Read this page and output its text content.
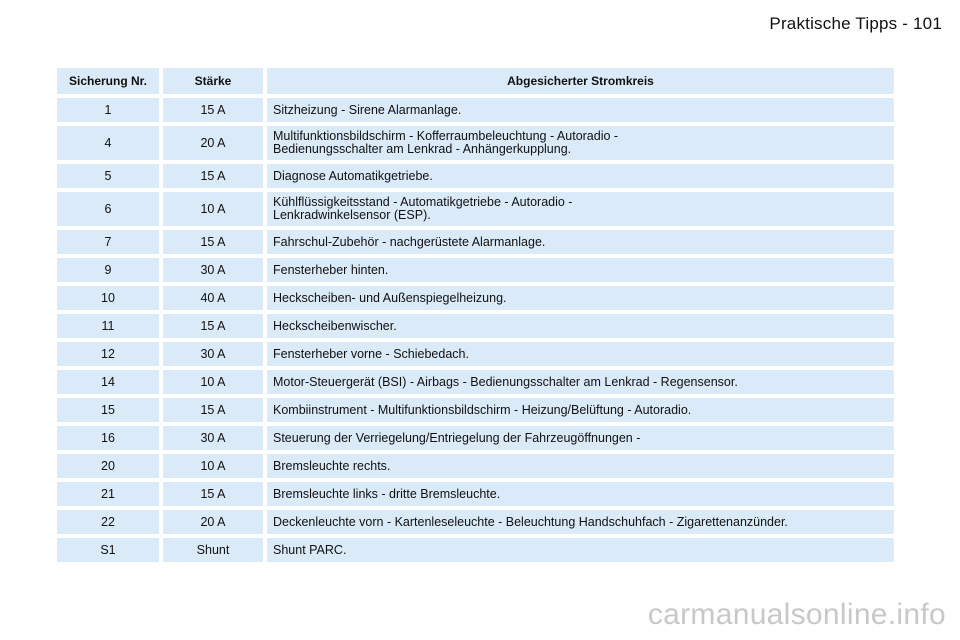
Praktische Tipps - 101
Sicherung Nr.	Stärke	Abgesicherter Stromkreis
1	15 A	Sitzheizung - Sirene Alarmanlage.

4	20 A	Multifunktionsbildschirm - Kofferraumbeleuchtung - Autoradio -
Bedienungsschalter am Lenkrad - Anhängerkupplung.

5	15 A	Diagnose Automatikgetriebe.

6	10 A	Kühlflüssigkeitsstand - Automatikgetriebe - Autoradio -
Lenkradwinkelsensor (ESP).

7	15 A	Fahrschul-Zubehör - nachgerüstete Alarmanlage.

9	30 A	Fensterheber hinten.

10	40 A	Heckscheiben- und Außenspiegelheizung.

11	15 A	Heckscheibenwischer.

12	30 A	Fensterheber vorne - Schiebedach.

14	10 A	Motor-Steuergerät (BSI) - Airbags - Bedienungsschalter am Lenkrad - Regensensor.

15	15 A	Kombiinstrument - Multifunktionsbildschirm - Heizung/Belüftung - Autoradio.

16	30 A	Steuerung der Verriegelung/Entriegelung der Fahrzeugöffnungen -

20	10 A	Bremsleuchte rechts.

21	15 A	Bremsleuchte links - dritte Bremsleuchte.

22	20 A	Deckenleuchte vorn - Kartenleseleuchte - Beleuchtung Handschuhfach - Zigarettenanzünder.

S1	Shunt	Shunt PARC.
carmanualsonline.info
